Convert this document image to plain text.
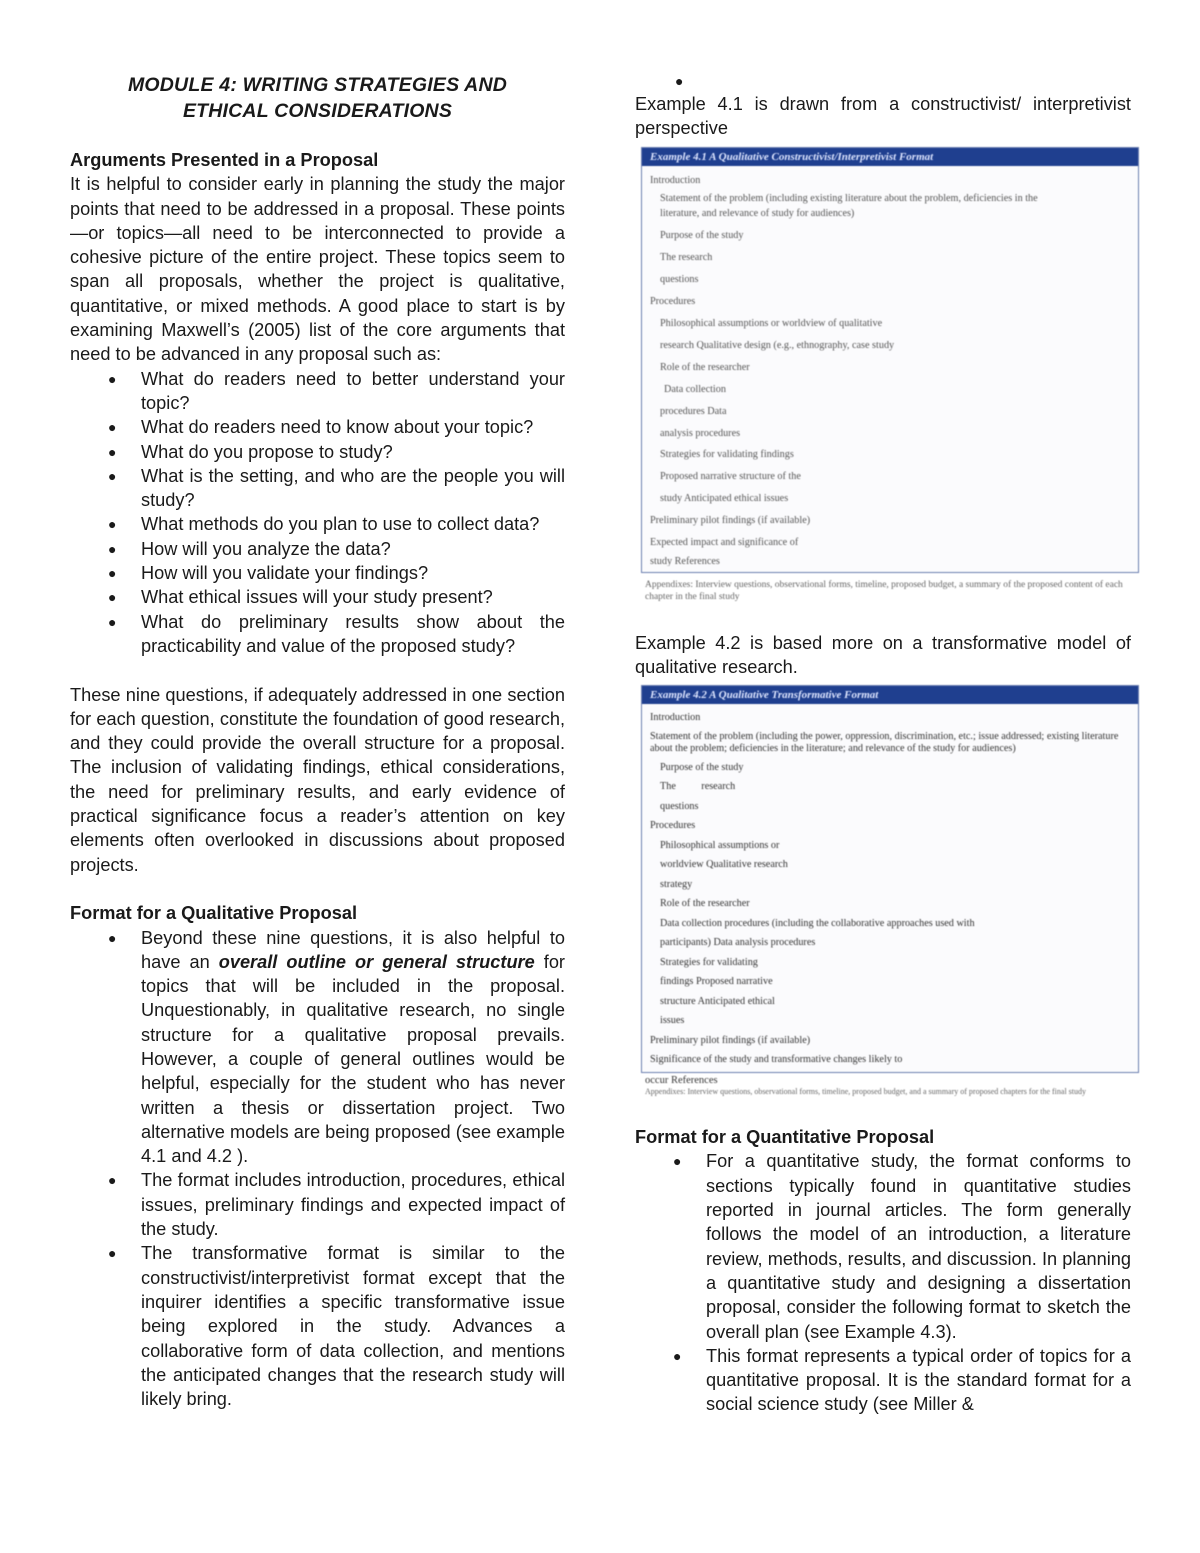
MODULE 4: WRITING STRATEGIES AND
ETHICAL CONSIDERATIONS
Arguments Presented in a Proposal
It is helpful to consider early in planning the study the major points that need to be addressed in a proposal. These points—or topics—all need to be interconnected to provide a cohesive picture of the entire project. These topics seem to span all proposals, whether the project is qualitative, quantitative, or mixed methods. A good place to start is by examining Maxwell’s (2005) list of the core arguments that need to be advanced in any proposal such as:
● What do readers need to better understand your topic?
● What do readers need to know about your topic?
● What do you propose to study?
● What is the setting, and who are the people you will study?
● What methods do you plan to use to collect data?
● How will you analyze the data?
● How will you validate your findings?
● What ethical issues will your study present?
● What do preliminary results show about the practicability and value of the proposed study?
These nine questions, if adequately addressed in one section for each question, constitute the foundation of good research, and they could provide the overall structure for a proposal. The inclusion of validating findings, ethical considerations, the need for preliminary results, and early evidence of practical significance focus a reader’s attention on key elements often overlooked in discussions about proposed projects.
Format for a Qualitative Proposal
● Beyond these nine questions, it is also helpful to have an overall outline or general structure for topics that will be included in the proposal. Unquestionably, in qualitative research, no single structure for a qualitative proposal prevails. However, a couple of general outlines would be helpful, especially for the student who has never written a thesis or dissertation project. Two alternative models are being proposed (see example 4.1 and 4.2 ).
● The format includes introduction, procedures, ethical issues, preliminary findings and expected impact of the study.
● The transformative format is similar to the constructivist/interpretivist format except that the inquirer identifies a specific transformative issue being explored in the study. Advances a collaborative form of data collection, and mentions the anticipated changes that the research study will likely bring.
●
Example 4.1 is drawn from a constructivist/ interpretivist perspective
Example 4.1 A Qualitative Constructivist/Interpretivist Format
Introduction
Statement of the problem (including existing literature about the problem, deficiencies in the
literature, and relevance of study for audiences)
Purpose of the study
The research
questions
Procedures
Philosophical assumptions or worldview of qualitative
research Qualitative design (e.g., ethnography, case study
Role of the researcher
Data collection
procedures Data
analysis procedures
Strategies for validating findings
Proposed narrative structure of the
study Anticipated ethical issues
Preliminary pilot findings (if available)
Expected impact and significance of
study References
Appendixes: Interview questions, observational forms, timeline, proposed budget, a summary of the proposed content of each chapter in the final study
Example 4.2 is based more on a transformative model of qualitative research.
Example 4.2 A Qualitative Transformative Format
Introduction
Statement of the problem (including the power, oppression, discrimination, etc.; issue addressed; existing literature about the problem; deficiencies in the literature; and relevance of the study for audiences)
Purpose of the study
The          research
questions
Procedures
Philosophical assumptions or
worldview Qualitative research
strategy
Role of the researcher
Data collection procedures (including the collaborative approaches used with
participants) Data analysis procedures
Strategies for validating
findings Proposed narrative
structure Anticipated ethical
issues
Preliminary pilot findings (if available)
Significance of the study and transformative changes likely to
occur References
Appendixes: Interview questions, observational forms, timeline, proposed budget, and a summary of proposed chapters for the final study
Format for a Quantitative Proposal
● For a quantitative study, the format conforms to sections typically found in quantitative studies reported in journal articles. The form generally follows the model of an introduction, a literature review, methods, results, and discussion. In planning a quantitative study and designing a dissertation proposal, consider the following format to sketch the overall plan (see Example 4.3).
● This format represents a typical order of topics for a quantitative proposal. It is the standard format for a social science study (see Miller &
